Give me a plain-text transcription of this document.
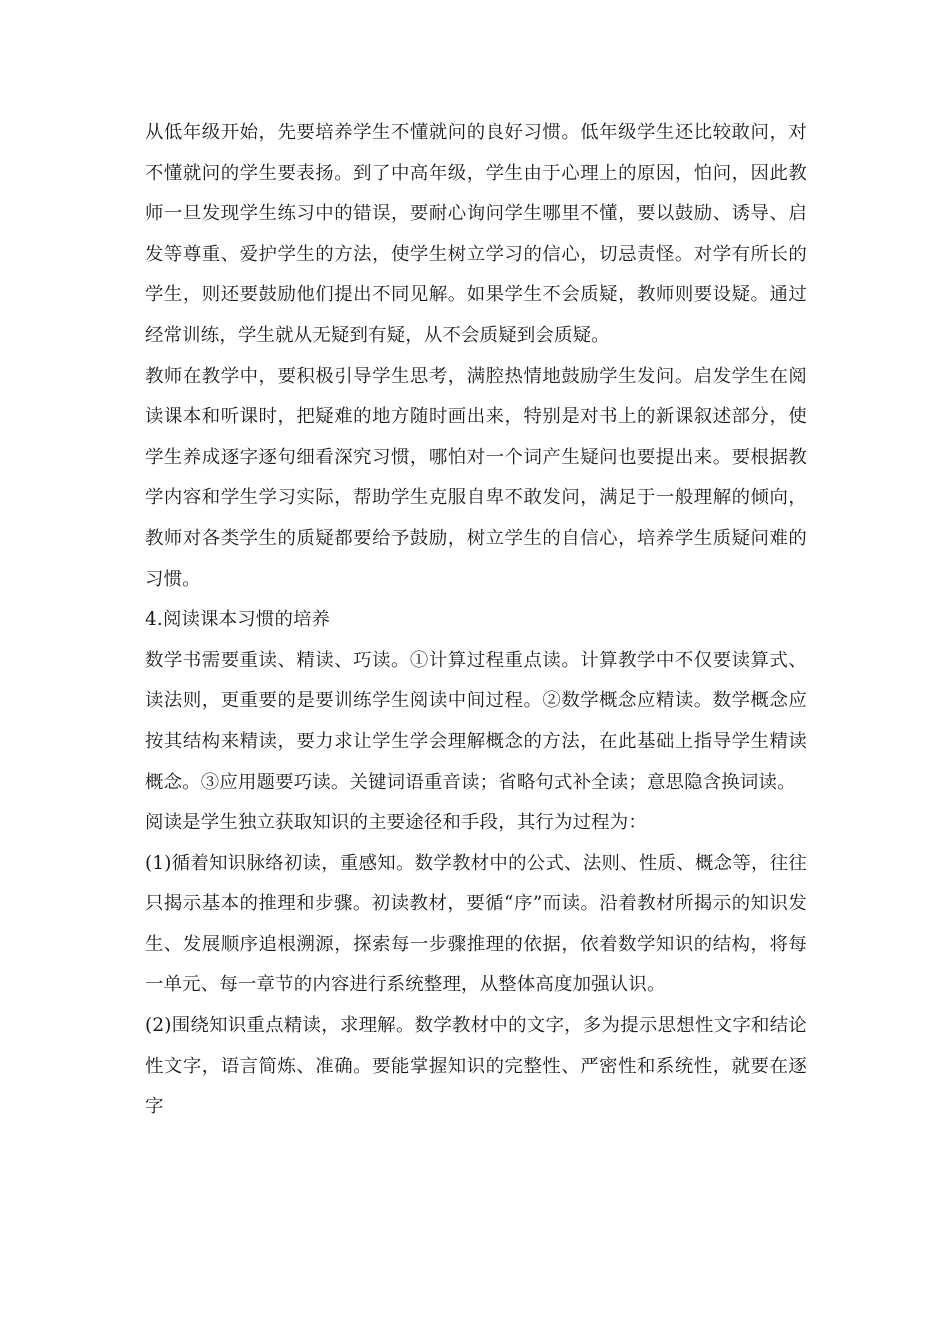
从低年级开始，先要培养学生不懂就问的良好习惯。低年级学生还比较敢问，对不懂就问的学生要表扬。到了中高年级，学生由于心理上的原因，怕问，因此教师一旦发现学生练习中的错误，要耐心询问学生哪里不懂，要以鼓励、诱导、启发等尊重、爱护学生的方法，使学生树立学习的信心，切忌责怪。对学有所长的学生，则还要鼓励他们提出不同见解。如果学生不会质疑，教师则要设疑。通过经常训练，学生就从无疑到有疑，从不会质疑到会质疑。

教师在教学中，要积极引导学生思考，满腔热情地鼓励学生发问。启发学生在阅读课本和听课时，把疑难的地方随时画出来，特别是对书上的新课叙述部分，使学生养成逐字逐句细看深究习惯，哪怕对一个词产生疑问也要提出来。要根据教学内容和学生学习实际，帮助学生克服自卑不敢发问，满足于一般理解的倾向，教师对各类学生的质疑都要给予鼓励，树立学生的自信心，培养学生质疑问难的习惯。

4.阅读课本习惯的培养

数学书需要重读、精读、巧读。①计算过程重点读。计算教学中不仅要读算式、读法则，更重要的是要训练学生阅读中间过程。②数学概念应精读。数学概念应按其结构来精读，要力求让学生学会理解概念的方法，在此基础上指导学生精读概念。③应用题要巧读。关键词语重音读；省略句式补全读；意思隐含换词读。

阅读是学生独立获取知识的主要途径和手段，其行为过程为：

(1)循着知识脉络初读，重感知。数学教材中的公式、法则、性质、概念等，往往只揭示基本的推理和步骤。初读教材，要循“序”而读。沿着教材所揭示的知识发生、发展顺序追根溯源，探索每一步骤推理的依据，依着数学知识的结构，将每一单元、每一章节的内容进行系统整理，从整体高度加强认识。

(2)围绕知识重点精读，求理解。数学教材中的文字，多为提示思想性文字和结论性文字，语言简炼、准确。要能掌握知识的完整性、严密性和系统性，就要在逐字
